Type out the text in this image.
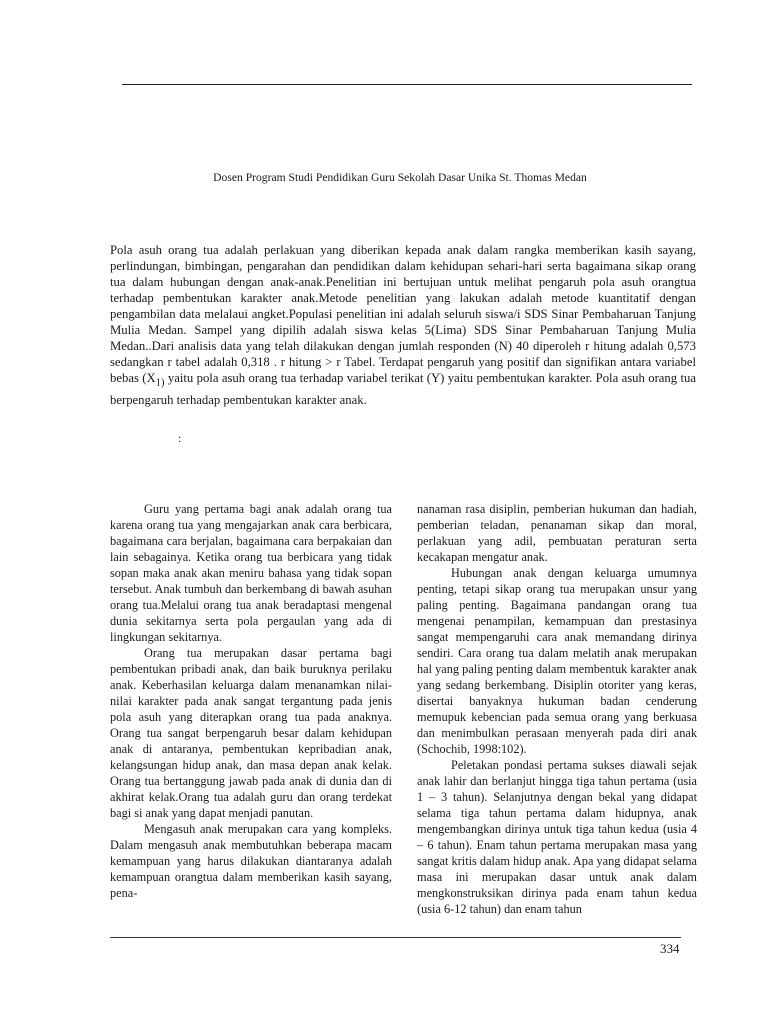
Dosen Program Studi Pendidikan Guru Sekolah Dasar Unika St. Thomas Medan
Pola asuh orang tua adalah perlakuan yang diberikan kepada anak dalam rangka memberikan kasih sayang, perlindungan, bimbingan, pengarahan dan pendidikan dalam kehidupan sehari-hari serta bagaimana sikap orang tua dalam hubungan dengan anak-anak.Penelitian ini bertujuan untuk melihat pengaruh pola asuh orangtua terhadap pembentukan karakter anak.Metode penelitian yang lakukan adalah metode kuantitatif dengan pengambilan data melalaui angket.Populasi penelitian ini adalah seluruh siswa/i SDS Sinar Pembaharuan Tanjung Mulia Medan. Sampel yang dipilih adalah siswa kelas 5(Lima) SDS Sinar Pembaharuan Tanjung Mulia Medan..Dari analisis data yang telah dilakukan dengan jumlah responden (N) 40 diperoleh r hitung adalah 0,573 sedangkan r tabel adalah 0,318 . r hitung > r Tabel. Terdapat pengaruh yang positif dan signifikan antara variabel bebas ($X_{1)}$ yaitu pola asuh orang tua terhadap variabel terikat (Y) yaitu pembentukan karakter. Pola asuh orang tua berpengaruh terhadap pembentukan karakter anak.
:

Guru yang pertama bagi anak adalah orang tua karena orang tua yang mengajarkan anak cara berbicara, bagaimana cara berjalan, bagaimana cara berpakaian dan lain sebagainya. Ketika orang tua berbicara yang tidak sopan maka anak akan meniru bahasa yang tidak sopan tersebut. Anak tumbuh dan berkembang di bawah asuhan orang tua.Melalui orang tua anak beradaptasi mengenal dunia sekitarnya serta pola pergaulan yang ada di lingkungan sekitarnya.

Orang tua merupakan dasar pertama bagi pembentukan pribadi anak, dan baik buruknya perilaku anak. Keberhasilan keluarga dalam menanamkan nilai-nilai karakter pada anak sangat tergantung pada jenis pola asuh yang diterapkan orang tua pada anaknya. Orang tua sangat berpengaruh besar dalam kehidupan anak di antaranya, pembentukan kepribadian anak, kelangsungan hidup anak, dan masa depan anak kelak. Orang tua bertanggung jawab pada anak di dunia dan di akhirat kelak.Orang tua adalah guru dan orang terdekat bagi si anak yang dapat menjadi panutan.

Mengasuh anak merupakan cara yang kompleks. Dalam mengasuh anak membutuhkan beberapa macam kemampuan yang harus dilakukan diantaranya adalah kemampuan orangtua dalam memberikan kasih sayang, pena-

nanaman rasa disiplin, pemberian hukuman dan hadiah, pemberian teladan, penanaman sikap dan moral, perlakuan yang adil, pembuatan peraturan serta kecakapan mengatur anak.

Hubungan anak dengan keluarga umumnya penting, tetapi sikap orang tua merupakan unsur yang paling penting. Bagaimana pandangan orang tua mengenai penampilan, kemampuan dan prestasinya sangat mempengaruhi cara anak memandang dirinya sendiri. Cara orang tua dalam melatih anak merupakan hal yang paling penting dalam membentuk karakter anak yang sedang berkembang. Disiplin otoriter yang keras, disertai banyaknya hukuman badan cenderung memupuk kebencian pada semua orang yang berkuasa dan menimbulkan perasaan menyerah pada diri anak (Schochib, 1998:102).

Peletakan pondasi pertama sukses diawali sejak anak lahir dan berlanjut hingga tiga tahun pertama (usia 1 – 3 tahun). Selanjutnya dengan bekal yang didapat selama tiga tahun pertama dalam hidupnya, anak mengembangkan dirinya untuk tiga tahun kedua (usia 4 – 6 tahun). Enam tahun pertama merupakan masa yang sangat kritis dalam hidup anak. Apa yang didapat selama masa ini merupakan dasar untuk anak dalam mengkonstruksikan dirinya pada enam tahun kedua (usia 6-12 tahun) dan enam tahun

334
